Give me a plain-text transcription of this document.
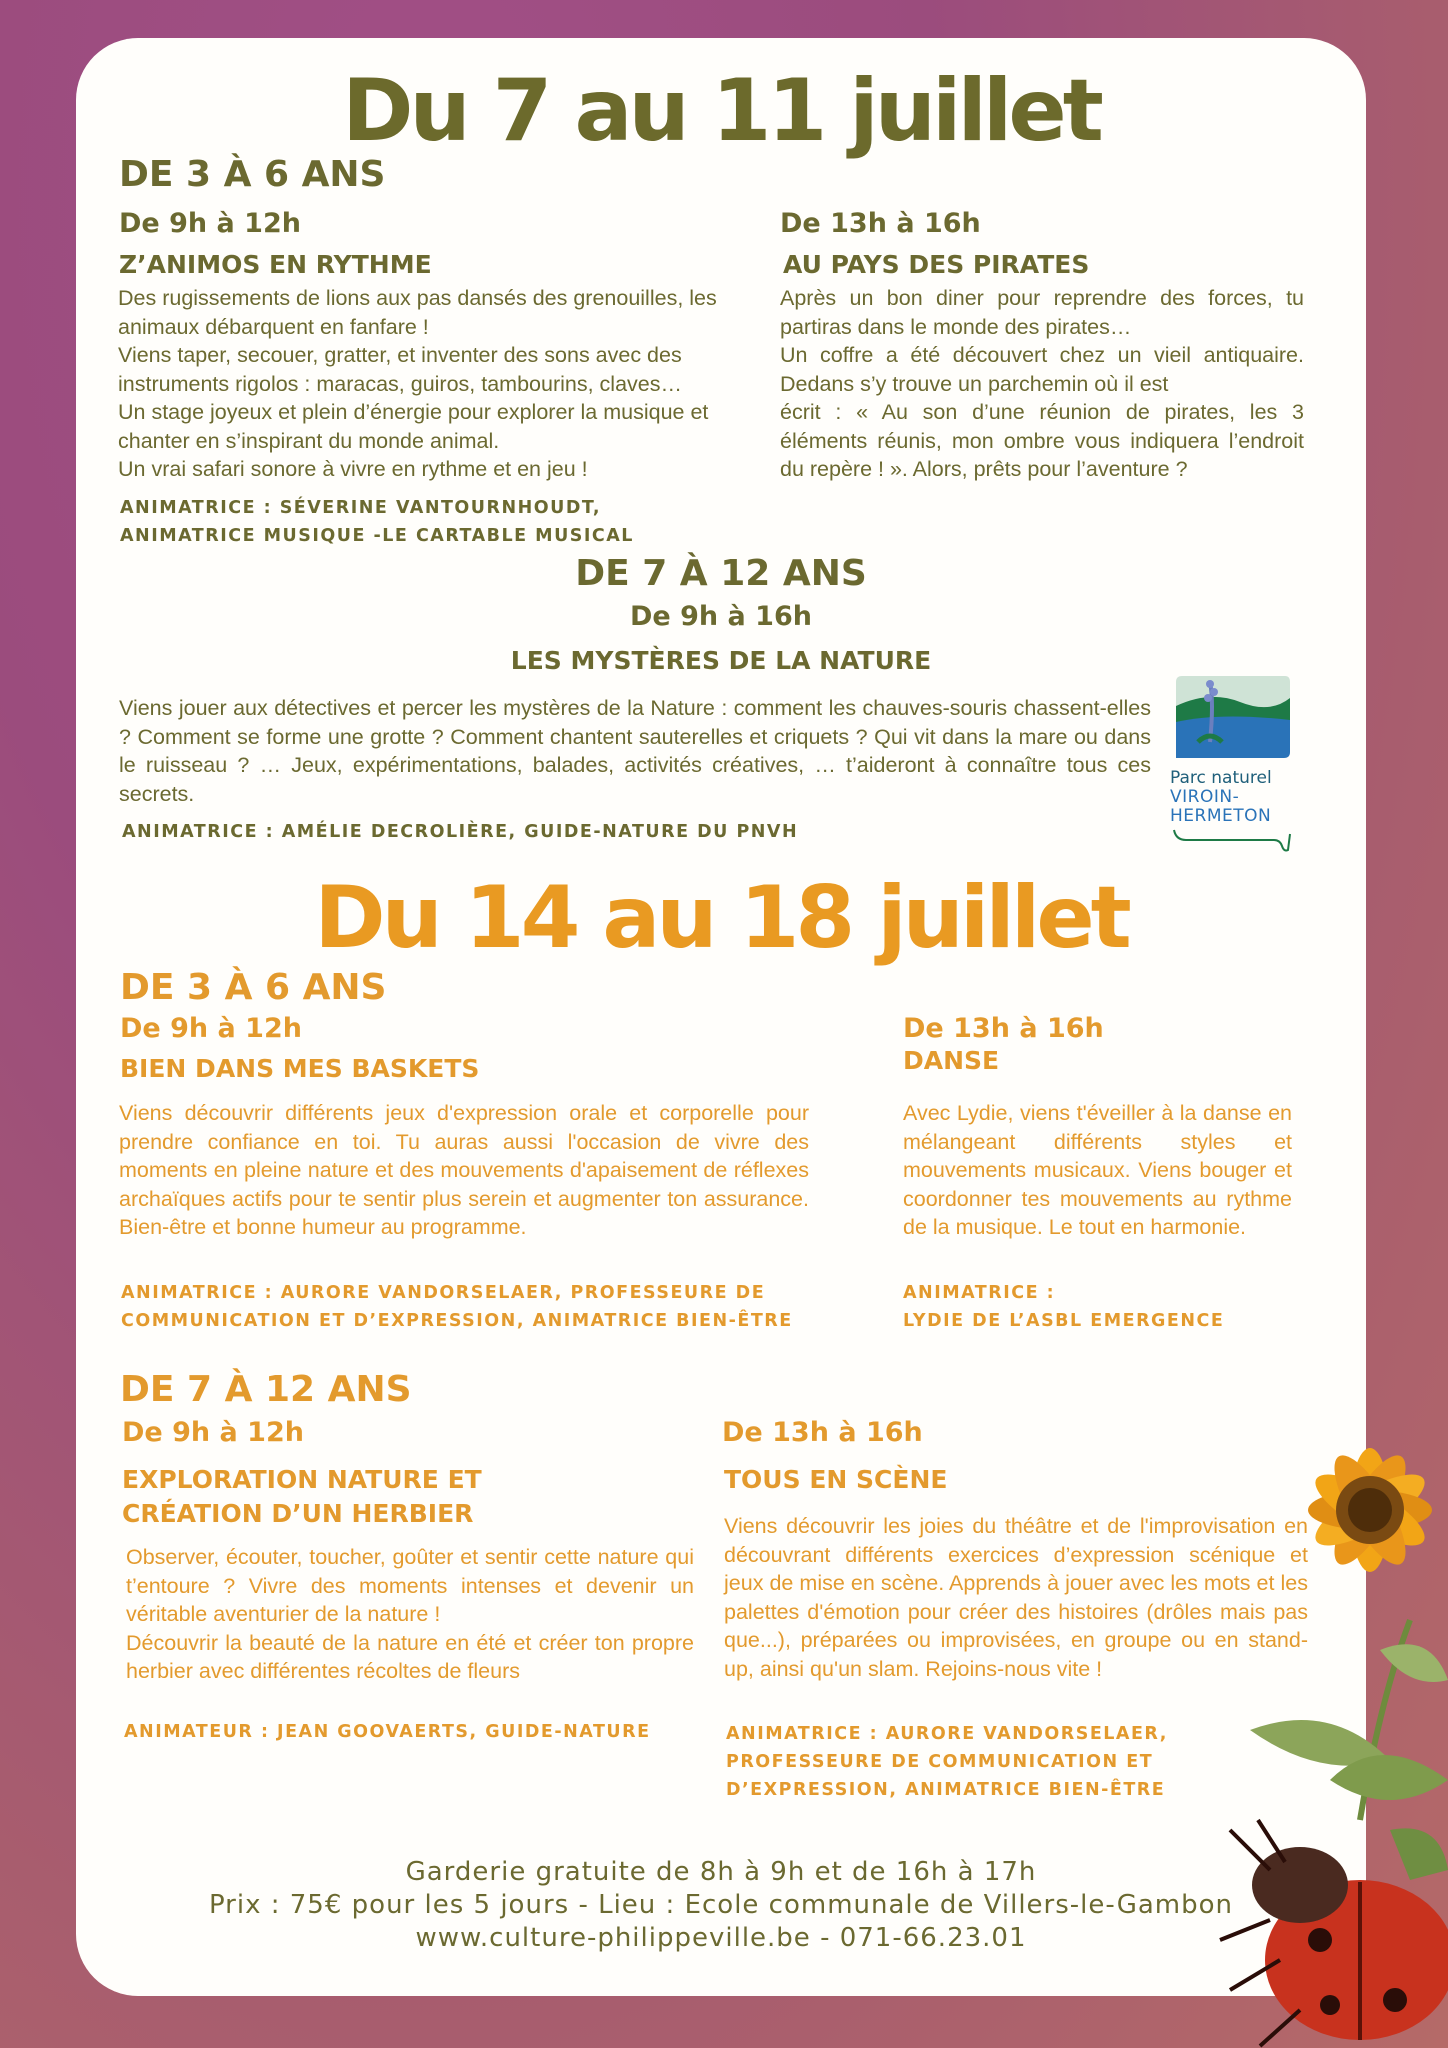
Du 7 au 11 juillet
DE 3 À 6 ANS
De 9h à 12h
Z’ANIMOS EN RYTHME

Des rugissements de lions aux pas dansés des grenouilles, les animaux débarquent en fanfare !

Viens taper, secouer, gratter, et inventer des sons avec des instruments rigolos : maracas, guiros, tambourins, claves…

Un stage joyeux et plein d’énergie pour explorer la musique et chanter en s’inspirant du monde animal.

Un vrai safari sonore à vivre en rythme et en jeu !

ANIMATRICE : SÉVERINE VANTOURNHOUDT,
ANIMATRICE MUSIQUE -LE CARTABLE MUSICAL
De 13h à 16h
AU PAYS DES PIRATES

Après un bon diner pour reprendre des forces, tu partiras dans le monde des pirates…

Un coffre a été découvert chez un vieil antiquaire. Dedans s’y trouve un parchemin où il est

écrit : « Au son d’une réunion de pirates, les 3 éléments réunis, mon ombre vous indiquera l’endroit du repère ! ». Alors, prêts pour l’aventure ?

DE 7 À 12 ANS
De 9h à 16h
LES MYSTÈRES DE LA NATURE
Viens jouer aux détectives et percer les mystères de la Nature : comment les chauves-souris chassent-elles ? Comment se forme une grotte ? Comment chantent sauterelles et criquets ? Qui vit dans la mare ou dans le ruisseau ? … Jeux, expérimentations, balades, activités créatives, … t’aideront à connaître tous ces secrets.
ANIMATRICE : AMÉLIE DECROLIÈRE, GUIDE-NATURE DU PNVH
Parc naturel
VIROIN-
HERMETON
Du 14 au 18 juillet
DE 3 À 6 ANS
De 9h à 12h
BIEN DANS MES BASKETS
Viens découvrir différents jeux d'expression orale et corporelle pour prendre confiance en toi. Tu auras aussi l'occasion de vivre des moments en pleine nature et des mouvements d'apaisement de réflexes archaïques actifs pour te sentir plus serein et augmenter ton assurance. Bien-être et bonne humeur au programme.
ANIMATRICE : AURORE VANDORSELAER, PROFESSEURE DE
COMMUNICATION ET D’EXPRESSION, ANIMATRICE BIEN-ÊTRE
De 13h à 16h
DANSE
Avec Lydie, viens t'éveiller à la danse en mélangeant différents styles et mouvements musicaux. Viens bouger et coordonner tes mouvements au rythme de la musique. Le tout en harmonie.
ANIMATRICE :
LYDIE DE L’ASBL EMERGENCE
DE 7 À 12 ANS
De 9h à 12h
EXPLORATION NATURE ET
CRÉATION D’UN HERBIER

Observer, écouter, toucher, goûter et sentir cette nature qui t’entoure ? Vivre des moments intenses et devenir un véritable aventurier de la nature !

Découvrir la beauté de la nature en été et créer ton propre herbier avec différentes récoltes de fleurs

ANIMATEUR : JEAN GOOVAERTS, GUIDE-NATURE
De 13h à 16h
TOUS EN SCÈNE
Viens découvrir les joies du théâtre et de l'improvisation en découvrant différents exercices d’expression scénique et jeux de mise en scène. Apprends à jouer avec les mots et les palettes d'émotion pour créer des histoires (drôles mais pas que...), préparées ou improvisées, en groupe ou en stand-up, ainsi qu'un slam. Rejoins-nous vite !
ANIMATRICE : AURORE VANDORSELAER,
PROFESSEURE DE COMMUNICATION ET
D’EXPRESSION, ANIMATRICE BIEN-ÊTRE
Garderie gratuite de 8h à 9h et de 16h à 17h
Prix : 75€ pour les 5 jours - Lieu : Ecole communale de Villers-le-Gambon
www.culture-philippeville.be - 071-66.23.01
